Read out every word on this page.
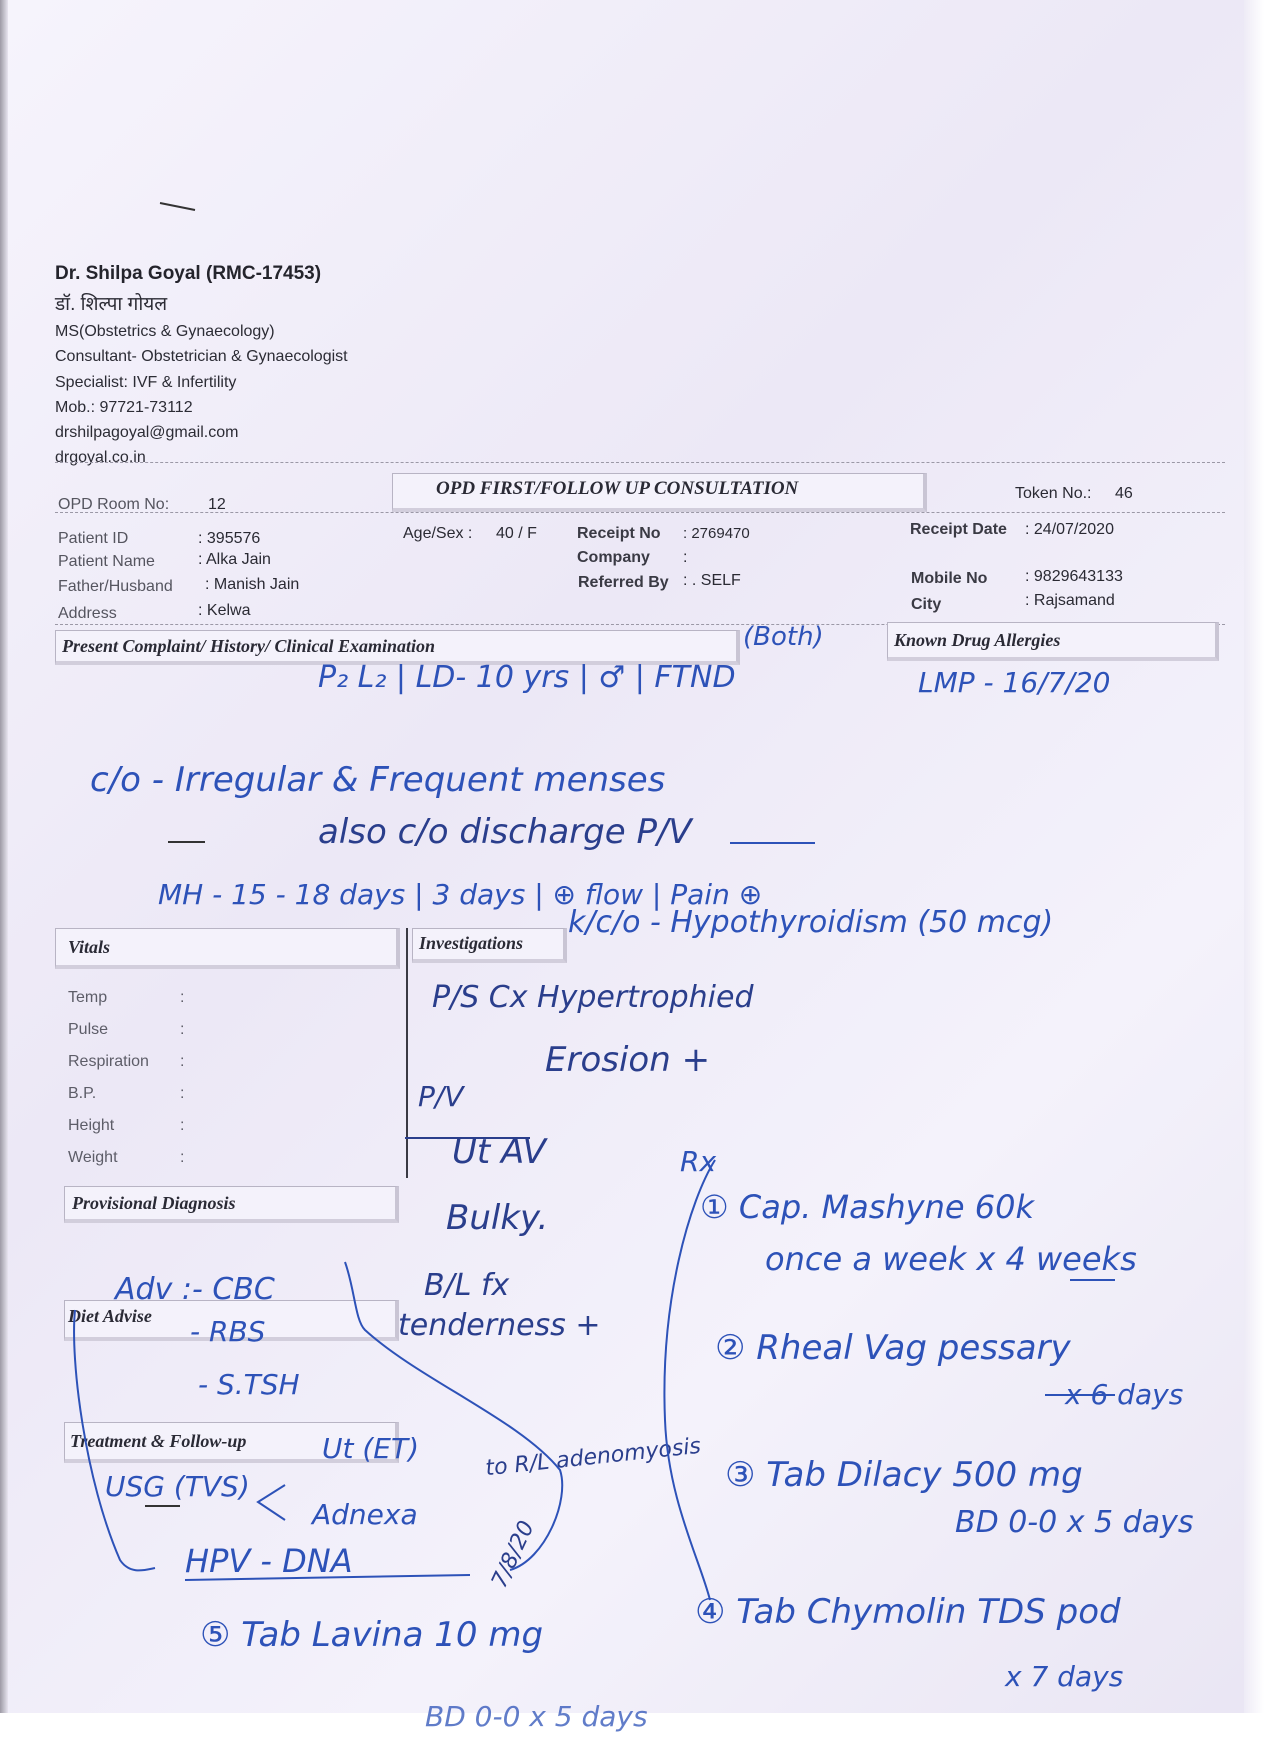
Dr. Shilpa Goyal (RMC-17453)
डॉ. शिल्पा गोयल
MS(Obstetrics & Gynaecology)
Consultant- Obstetrician & Gynaecologist
Specialist: IVF & Infertility
Mob.: 97721-73112
drshilpagoyal@gmail.com
drgoyal.co.in
OPD FIRST/FOLLOW UP CONSULTATION
OPD Room No: 12
Token No.: 46
Patient ID	: 395576
Patient Name	: Alka Jain
Father/Husband : Manish Jain
Address	: Kelwa
Age/Sex : 40 / F	Receipt No : 2769470
Company :
Referred By : . SELF
Receipt Date : 24/07/2020
Mobile No : 9829643133
City	: Rajsamand
Present Complaint/ History/ Clinical Examination	Known Drug Allergies
Vitals	Investigations
Temp	:
Pulse	:
Respiration :
B.P.	:
Height	:
Weight	:
Provisional Diagnosis
Diet Advise
Treatment & Follow-up
P₂ L₂ | LD- 10 yrs | ♂ | FTND
(Both)
LMP - 16/7/20
c/o - Irregular & Frequent menses
also c/o discharge P/V
MH - 15 - 18 days | 3 days | ⊕ flow | Pain ⊕
k/c/o - Hypothyroidism (50 mcg)
P/S Cx Hypertrophied
Erosion +
P/V
Ut AV
Bulky.
B/L fx
tenderness +
Rx
① Cap. Mashyne 60k
once a week x 4 weeks
② Rheal Vag pessary
x 6 days
③ Tab Dilacy 500 mg
BD 0-0 x 5 days
④ Tab Chymolin TDS pod
x 7 days
⑤ Tab Lavina 10 mg
Adv :- CBC
- RBS
- S.TSH
USG (TVS)
Ut (ET)
Adnexa
to R/L adenomyosis
HPV - DNA	7/8/20
BD 0-0 x 5 days
